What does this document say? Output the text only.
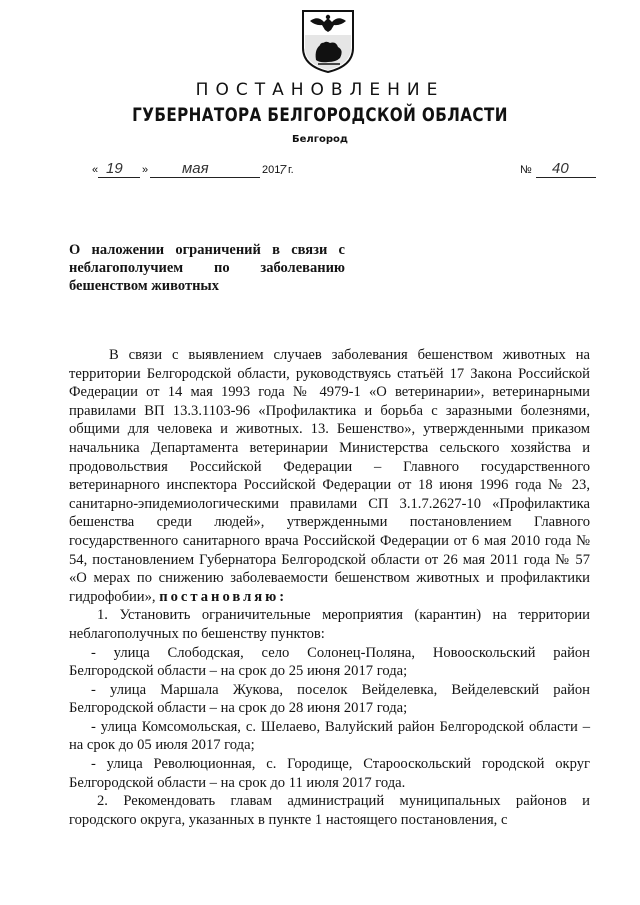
ПОСТАНОВЛЕНИЕ
ГУБЕРНАТОРА БЕЛГОРОДСКОЙ ОБЛАСТИ
Белгород
« 19 » мая	201
7 г.	№ 40
О наложении ограничений в связи с
неблагополучием по заболеванию
бешенством животных

В связи с выявлением случаев заболевания бешенством животных на территории Белгородской области, руководствуясь статьёй 17 Закона Российской Федерации от 14 мая 1993 года № 4979-1 «О ветеринарии», ветеринарными правилами ВП 13.3.1103-96 «Профилактика и борьба с заразными болезнями, общими для человека и животных. 13. Бешенство», утвержденными приказом начальника Департамента ветеринарии Министерства сельского хозяйства и продовольствия Российской Федерации – Главного государственного ветеринарного инспектора Российской Федерации от 18 июня 1996 года № 23, санитарно-эпидемиологическими правилами СП 3.1.7.2627-10 «Профилактика бешенства среди людей», утвержденными постановлением Главного государственного санитарного врача Российской Федерации от 6 мая 2010 года № 54, постановлением Губернатора Белгородской области от 26 мая 2011 года № 57 «О мерах по снижению заболеваемости бешенством животных и профилактики гидрофобии», постановляю:

1. Установить ограничительные мероприятия (карантин) на территории неблагополучных по бешенству пунктов:

- улица Слободская, село Солонец-Поляна, Новооскольский район Белгородской области – на срок до 25 июня 2017 года;

- улица Маршала Жукова, поселок Вейделевка, Вейделевский район Белгородской области – на срок до 28 июня 2017 года;

- улица Комсомольская, с. Шелаево, Валуйский район Белгородской области – на срок до 05 июля 2017 года;

- улица Революционная, с. Городище, Старооскольский городской округ Белгородской области – на срок до 11 июля 2017 года.

2. Рекомендовать главам администраций муниципальных районов и городского округа, указанных в пункте 1 настоящего постановления, с
